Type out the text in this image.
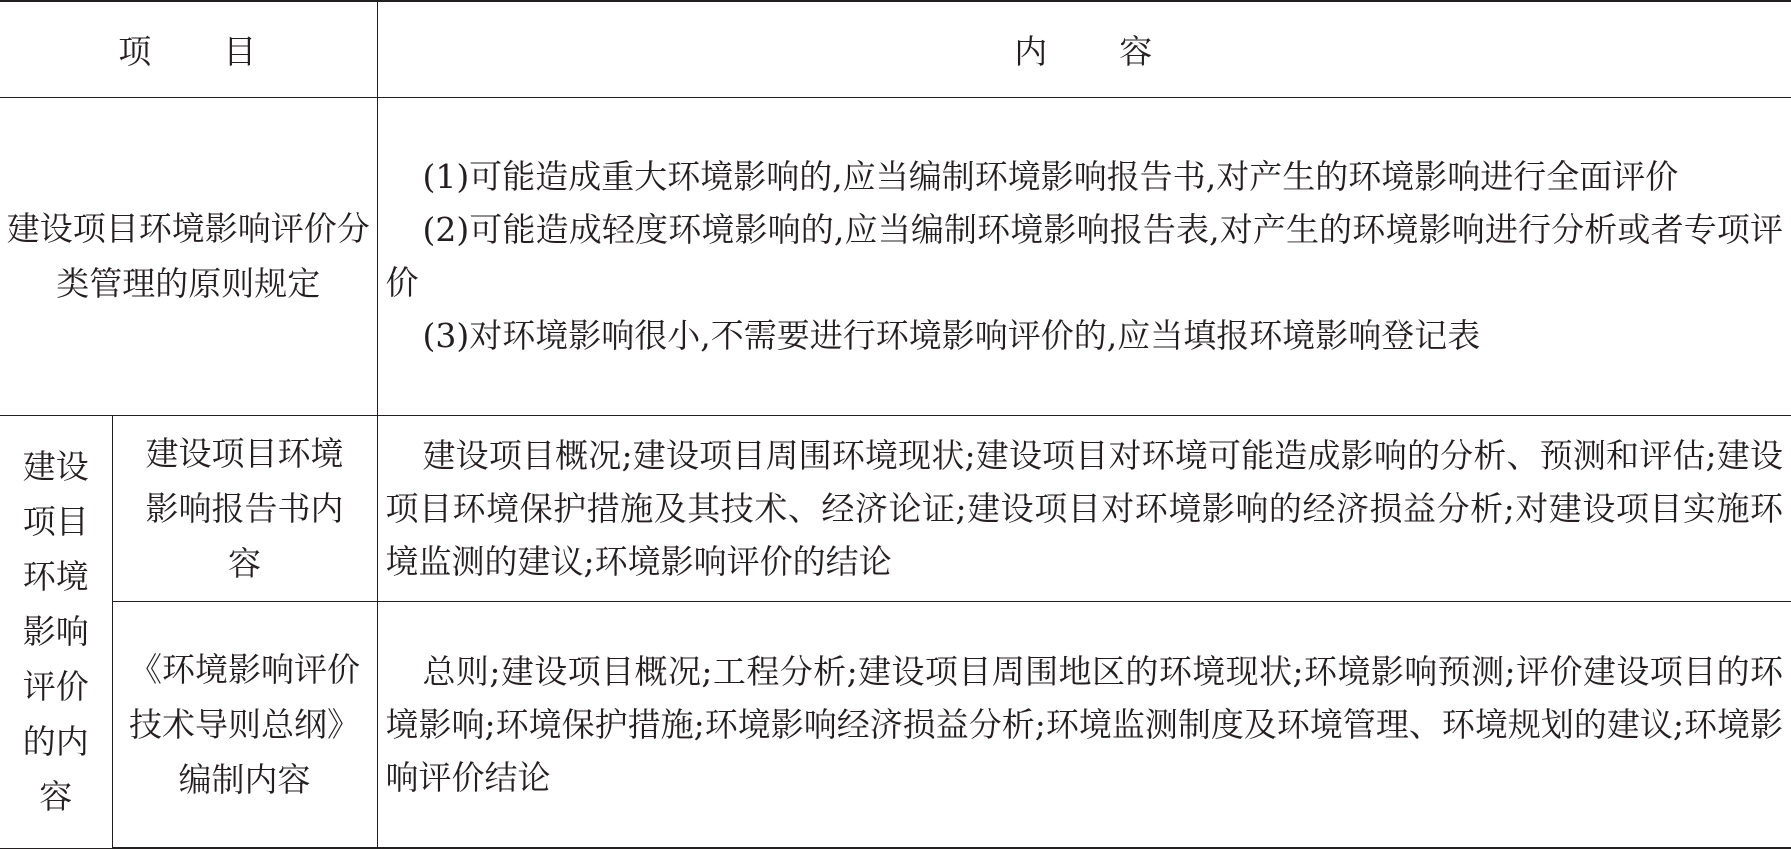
项　　目		内　　容
建设项目环境影响评价分类管理的原则规定		(1)可能造成重大环境影响的,应当编制环境影响报告书,对产生的环境影响进行全面评价

(2)可能造成轻度环境影响的,应当编制环境影响报告表,对产生的环境影响进行分析或者专项评价

(3)对环境影响很小,不需要进行环境影响评价的,应当填报环境影响登记表

建设项目环境影响评价的内容	建设项目环境影响报告书内容	建设项目概况;建设项目周围环境现状;建设项目对环境可能造成影响的分析、预测和评估;建设项目环境保护措施及其技术、经济论证;建设项目对环境影响的经济损益分析;对建设项目实施环境监测的建议;环境影响评价的结论

	《环境影响评价技术导则总纲》编制内容	总则;建设项目概况;工程分析;建设项目周围地区的环境现状;环境影响预测;评价建设项目的环境影响;环境保护措施;环境影响经济损益分析;环境监测制度及环境管理、环境规划的建议;环境影响评价结论
